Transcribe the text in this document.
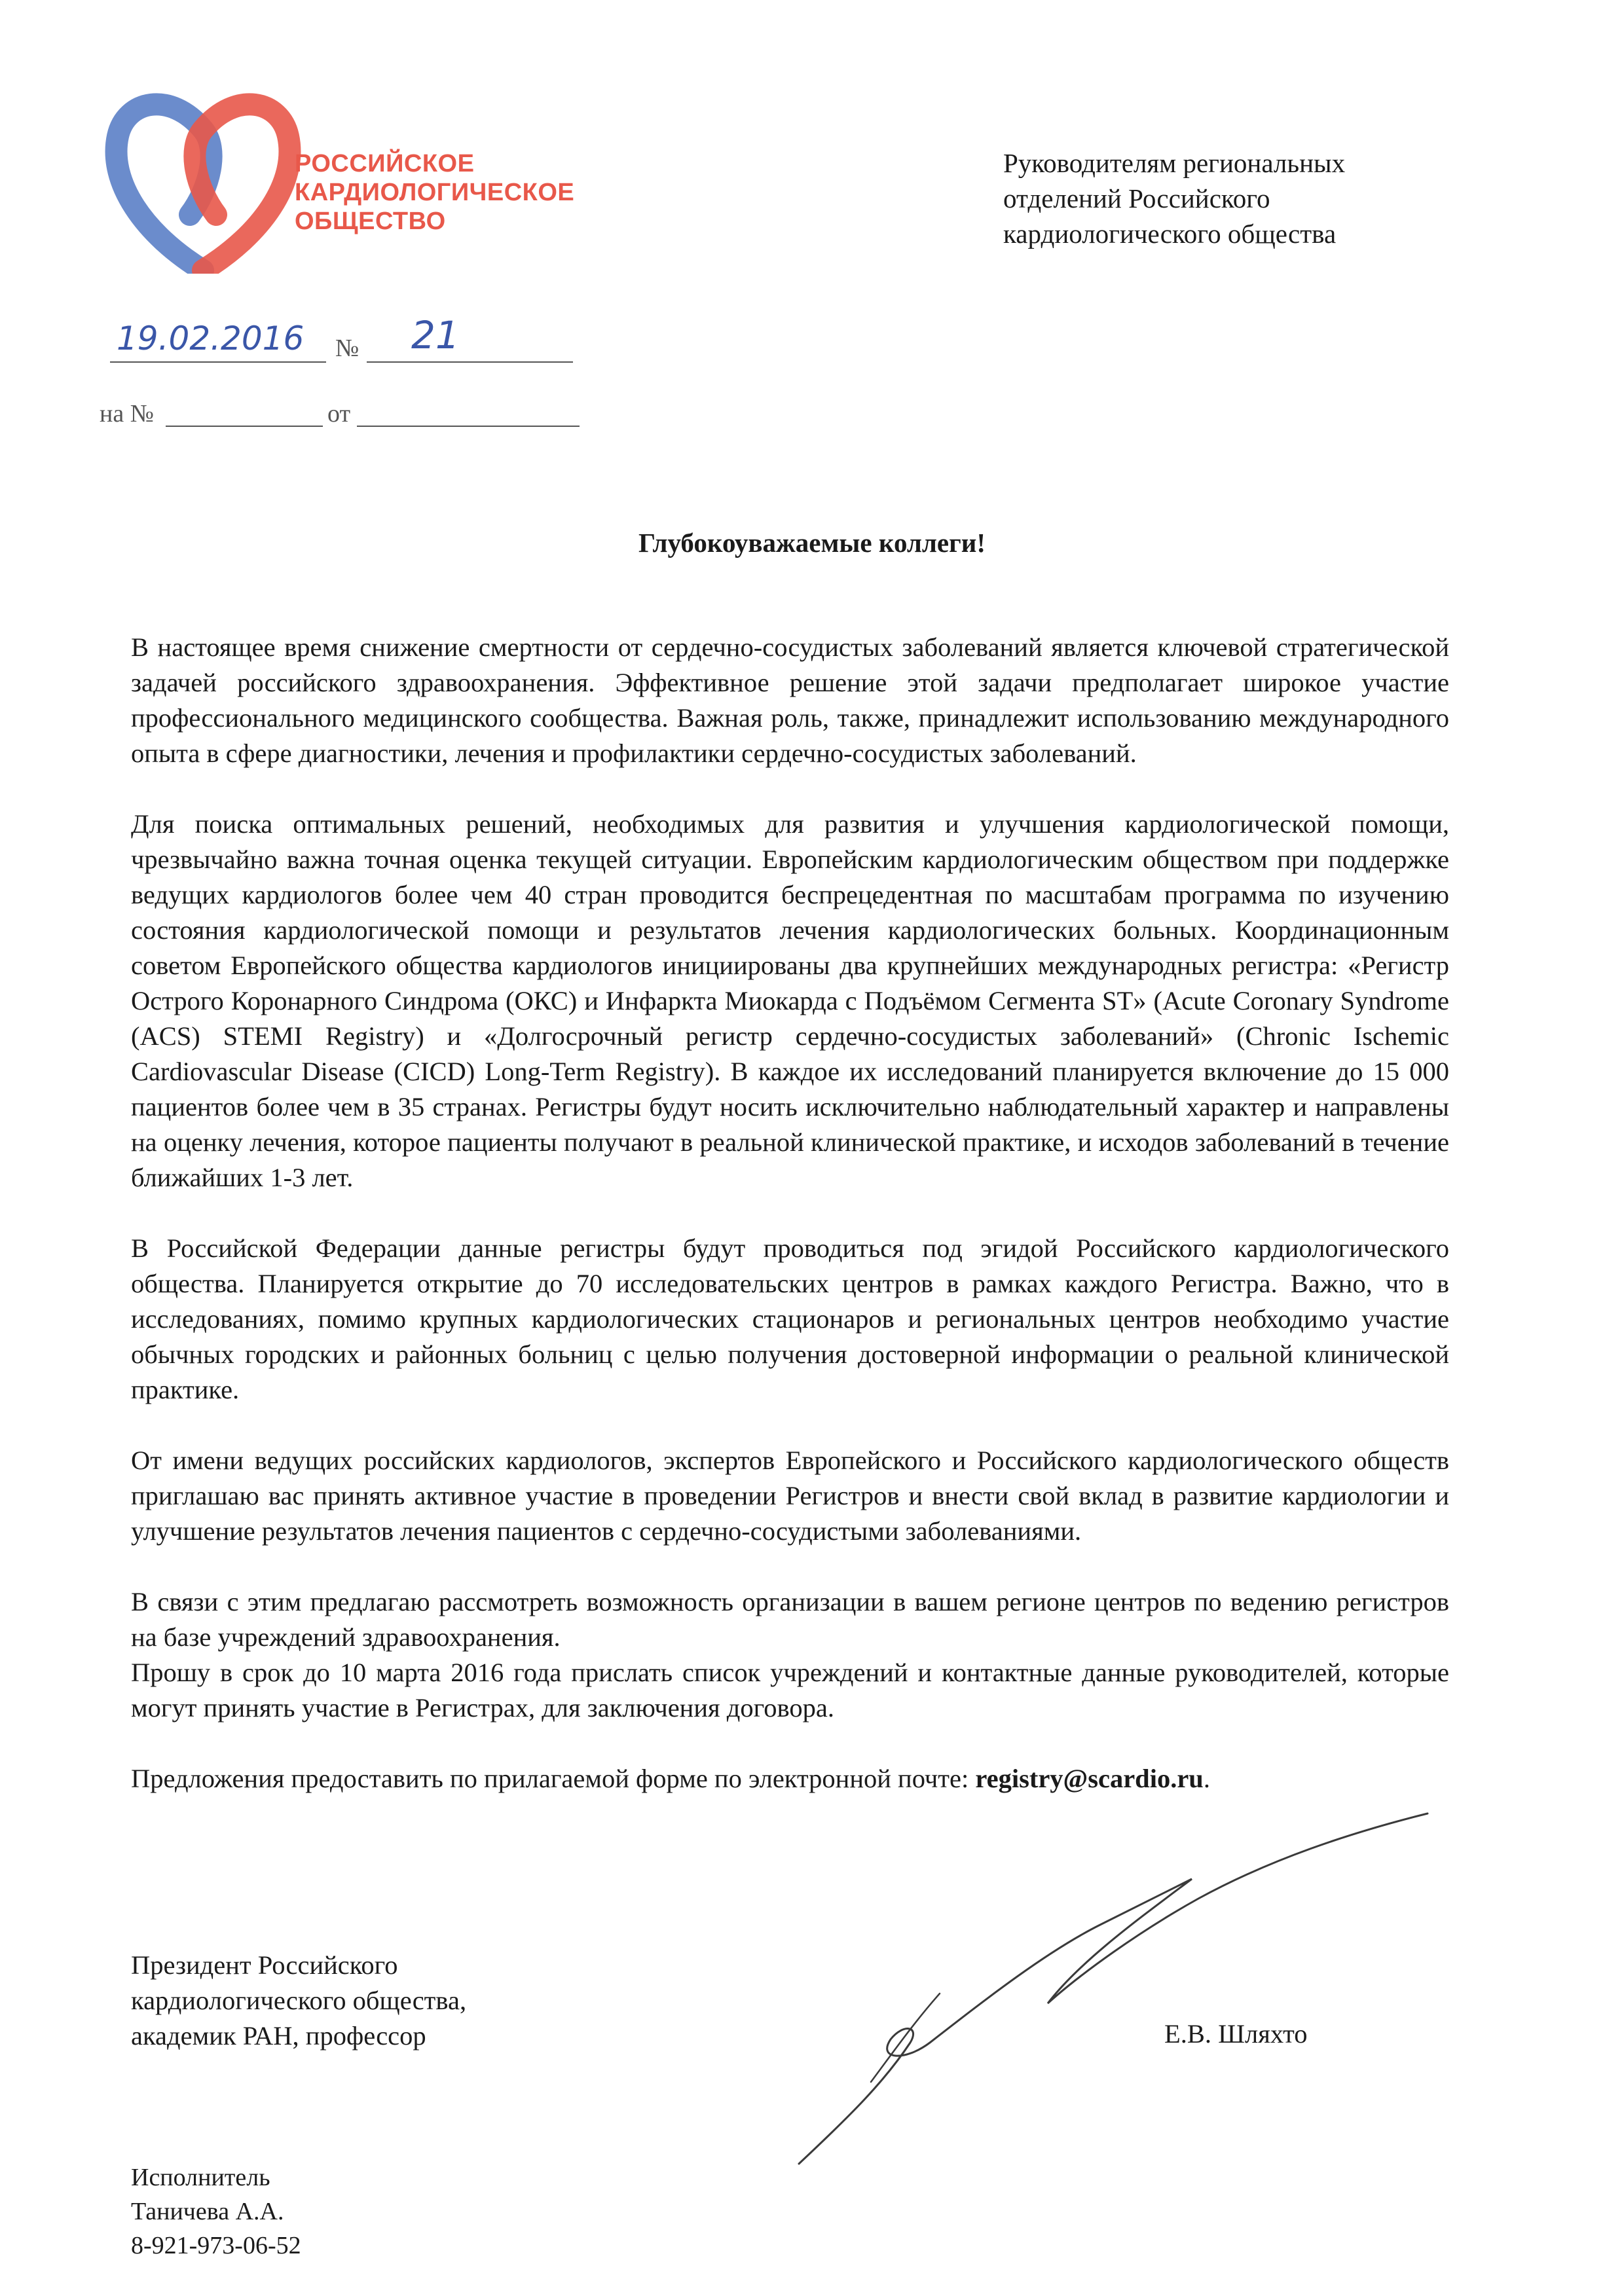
РОССИЙСКОЕ
КАРДИОЛОГИЧЕСКОЕ
ОБЩЕСТВО
Руководителям региональных
отделений Российского
кардиологического общества
19.02.2016 № 21
на №	от
Глубокоуважаемые коллеги!

В настоящее время снижение смертности от сердечно-сосудистых заболеваний является ключевой стратегической задачей российского здравоохранения. Эффективное решение этой задачи предполагает широкое участие профессионального медицинского сообщества. Важная роль, также, принадлежит использованию международного опыта в сфере диагностики, лечения и профилактики сердечно-сосудистых заболеваний.

Для поиска оптимальных решений, необходимых для развития и улучшения кардиологической помощи, чрезвычайно важна точная оценка текущей ситуации. Европейским кардиологическим обществом при поддержке ведущих кардиологов более чем 40 стран проводится беспрецедентная по масштабам программа по изучению состояния кардиологической помощи и результатов лечения кардиологических больных. Координационным советом Европейского общества кардиологов инициированы два крупнейших международных регистра: «Регистр Острого Коронарного Синдрома (ОКС) и Инфаркта Миокарда с Подъёмом Сегмента ST» (Acute Coronary Syndrome (ACS) STEMI Registry) и «Долгосрочный регистр сердечно-сосудистых заболеваний» (Chronic Ischemic Cardiovascular Disease (CICD) Long-Term Registry). В каждое их исследований планируется включение до 15 000 пациентов более чем в 35 странах. Регистры будут носить исключительно наблюдательный характер и направлены на оценку лечения, которое пациенты получают в реальной клинической практике, и исходов заболеваний в течение ближайших 1-3 лет.

В Российской Федерации данные регистры будут проводиться под эгидой Российского кардиологического общества. Планируется открытие до 70 исследовательских центров в рамках каждого Регистра. Важно, что в исследованиях, помимо крупных кардиологических стационаров и региональных центров необходимо участие обычных городских и районных больниц с целью получения достоверной информации о реальной клинической практике.

От имени ведущих российских кардиологов, экспертов Европейского и Российского кардиологического обществ приглашаю вас принять активное участие в проведении Регистров и внести свой вклад в развитие кардиологии и улучшение результатов лечения пациентов с сердечно-сосудистыми заболеваниями.

В связи с этим предлагаю рассмотреть возможность организации в вашем регионе центров по ведению регистров на базе учреждений здравоохранения.

Прошу в срок до 10 марта 2016 года прислать список учреждений и контактные данные руководителей, которые могут принять участие в Регистрах, для заключения договора.

Предложения предоставить по прилагаемой форме по электронной почте: registry@scardio.ru.

Президент Российского
кардиологического общества,
академик РАН, профессор	Е.В. Шляхто
Исполнитель
Таничева А.А.
8-921-973-06-52
